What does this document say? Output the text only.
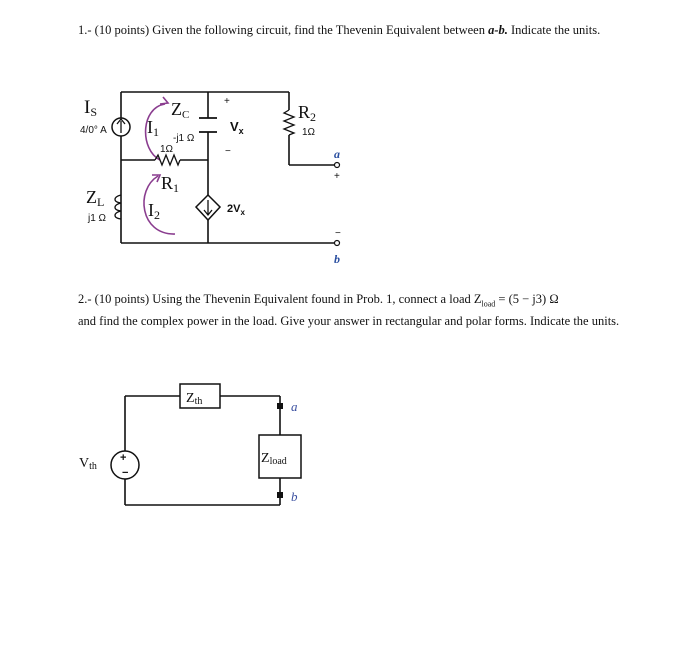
1.- (10 points) Given the following circuit, find the Thevenin Equivalent between a-b. Indicate the units.
IS
4/0° A
ZC
-j1 Ω
+
$V_x$
−
I1
I2
1Ω
R1
ZL
j1 Ω
$2V_x$
R2
1Ω
a
+
−
b
2.- (10 points) Using the Thevenin Equivalent found in Prob. 1, connect a load $Z_{load} = (5 - j3)$ Ω
and find the complex power in the load. Give your answer in rectangular and polar forms. Indicate the units.
Zth
Zload
+
−
Vth
a
b
